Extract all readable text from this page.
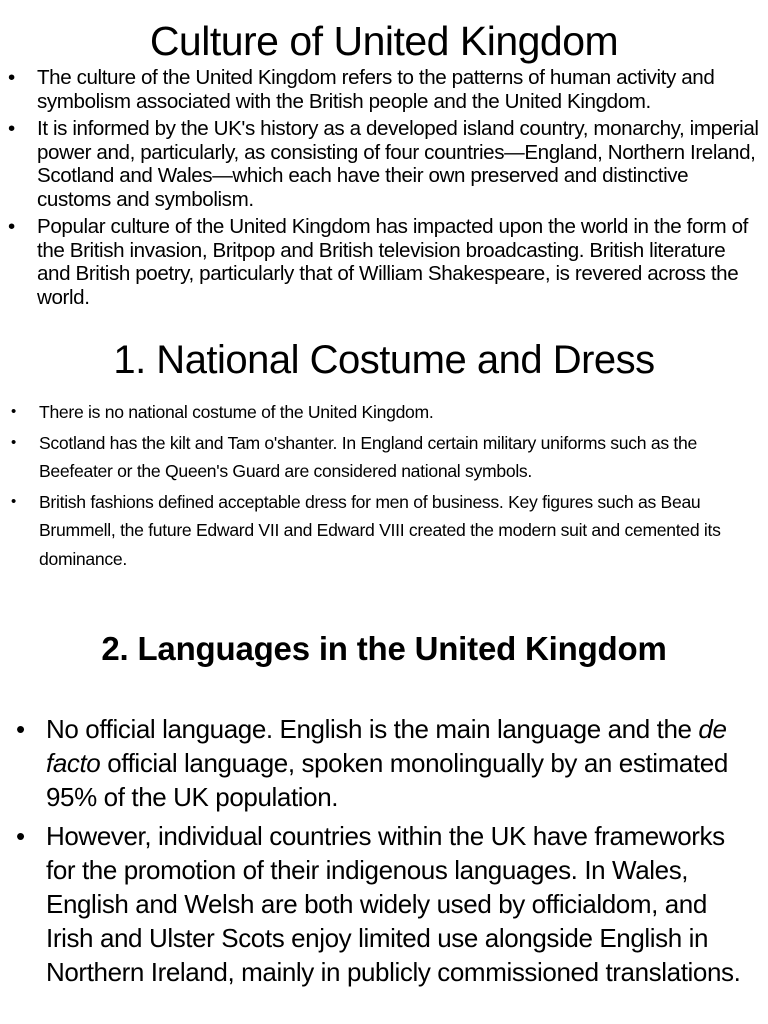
Culture of United Kingdom
• The culture of the United Kingdom refers to the patterns of human activity and symbolism associated with the British people and the United Kingdom.
• It is informed by the UK's history as a developed island country, monarchy, imperial power and, particularly, as consisting of four countries—England, Northern Ireland, Scotland and Wales—which each have their own preserved and distinctive customs and symbolism.
• Popular culture of the United Kingdom has impacted upon the world in the form of the British invasion, Britpop and British television broadcasting. British literature and British poetry, particularly that of William Shakespeare, is revered across the world.
1. National Costume and Dress
• There is no national costume of the United Kingdom.
• Scotland has the kilt and Tam o'shanter. In England certain military uniforms such as the Beefeater or the Queen's Guard are considered national symbols.
• British fashions defined acceptable dress for men of business. Key figures such as Beau Brummell, the future Edward VII and Edward VIII created the modern suit and cemented its dominance.
2. Languages in the United Kingdom
• No official language. English is the main language and the de facto official language, spoken monolingually by an estimated 95% of the UK population.
• However, individual countries within the UK have frameworks for the promotion of their indigenous languages. In Wales, English and Welsh are both widely used by officialdom, and Irish and Ulster Scots enjoy limited use alongside English in Northern Ireland, mainly in publicly commissioned translations.
